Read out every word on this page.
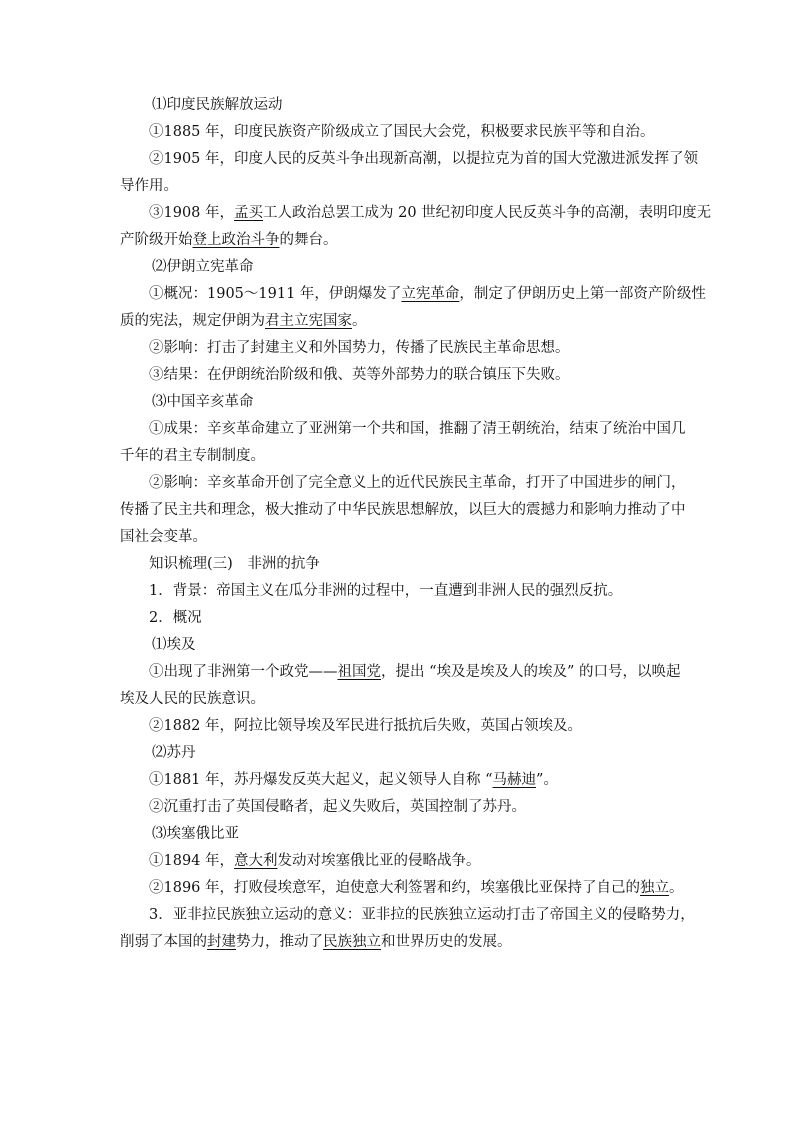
⑴印度民族解放运动

①1885 年，印度民族资产阶级成立了国民大会党，积极要求民族平等和自治。

②1905 年，印度人民的反英斗争出现新高潮，以提拉克为首的国大党激进派发挥了领

导作用。

③1908 年，孟买工人政治总罢工成为 20 世纪初印度人民反英斗争的高潮，表明印度无

产阶级开始登上政治斗争的舞台。

⑵伊朗立宪革命

①概况：1905～1911 年，伊朗爆发了立宪革命，制定了伊朗历史上第一部资产阶级性

质的宪法，规定伊朗为君主立宪国家。

②影响：打击了封建主义和外国势力，传播了民族民主革命思想。

③结果：在伊朗统治阶级和俄、英等外部势力的联合镇压下失败。

⑶中国辛亥革命

①成果：辛亥革命建立了亚洲第一个共和国，推翻了清王朝统治，结束了统治中国几

千年的君主专制制度。

②影响：辛亥革命开创了完全意义上的近代民族民主革命，打开了中国进步的闸门，

传播了民主共和理念，极大推动了中华民族思想解放，以巨大的震撼力和影响力推动了中

国社会变革。

知识梳理(三)　非洲的抗争

1．背景：帝国主义在瓜分非洲的过程中，一直遭到非洲人民的强烈反抗。

2．概况

⑴埃及

①出现了非洲第一个政党——祖国党，提出 “埃及是埃及人的埃及” 的口号，以唤起

埃及人民的民族意识。

②1882 年，阿拉比领导埃及军民进行抵抗后失败，英国占领埃及。

⑵苏丹

①1881 年，苏丹爆发反英大起义，起义领导人自称 “马赫迪”。

②沉重打击了英国侵略者，起义失败后，英国控制了苏丹。

⑶埃塞俄比亚

①1894 年，意大利发动对埃塞俄比亚的侵略战争。

②1896 年，打败侵埃意军，迫使意大利签署和约，埃塞俄比亚保持了自己的独立。

3．亚非拉民族独立运动的意义：亚非拉的民族独立运动打击了帝国主义的侵略势力，

削弱了本国的封建势力，推动了民族独立和世界历史的发展。
